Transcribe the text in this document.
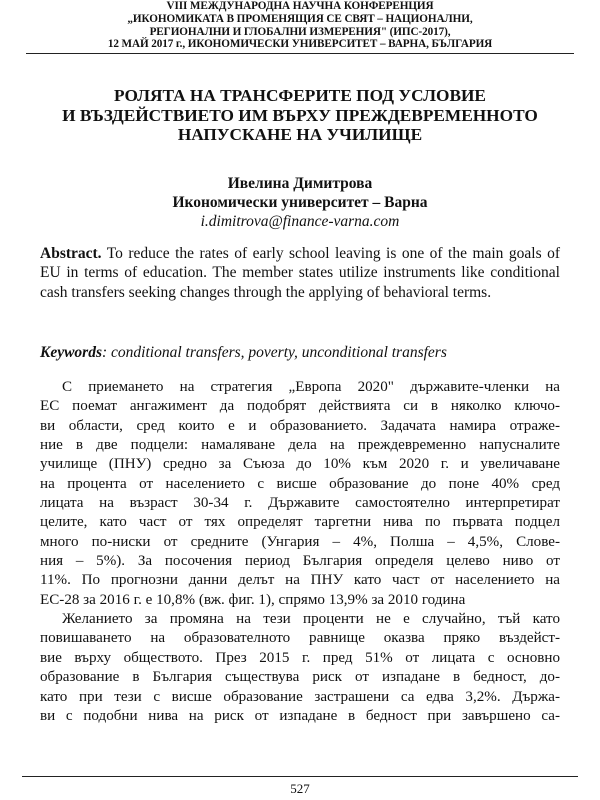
VIII МЕЖДУНАРОДНА НАУЧНА КОНФЕРЕНЦИЯ
„ИКОНОМИКАТА В ПРОМЕНЯЩИЯ СЕ СВЯТ – НАЦИОНАЛНИ,
РЕГИОНАЛНИ И ГЛОБАЛНИ ИЗМЕРЕНИЯ" (ИПС-2017),
12 МАЙ 2017 г., ИКОНОМИЧЕСКИ УНИВЕРСИТЕТ – ВАРНА, БЪЛГАРИЯ
РОЛЯТА НА ТРАНСФЕРИТЕ ПОД УСЛОВИЕ
И ВЪЗДЕЙСТВИЕТО ИМ ВЪРХУ ПРЕЖДЕВРЕМЕННОТО
НАПУСКАНЕ НА УЧИЛИЩЕ
Ивелина Димитрова
Икономически университет – Варна
i.dimitrova@finance-varna.com
Abstract. To reduce the rates of early school leaving is one of the main goals of EU in terms of education. The member states utilize instruments like conditional cash transfers seeking changes through the applying of behavioral terms.
Keywords: conditional transfers, poverty, unconditional transfers
С приемането на стратегия „Европа 2020" държавите-членки на
ЕС поемат ангажимент да подобрят действията си в няколко ключо-
ви области, сред които е и образованието. Задачата намира отраже-
ние в две подцели: намаляване дела на преждевременно напусналите
училище (ПНУ) средно за Съюза до 10% към 2020 г. и увеличаване
на процента от населението с висше образование до поне 40% сред
лицата на възраст 30-34 г. Държавите самостоятелно интерпретират
целите, като част от тях определят таргетни нива по първата подцел
много по-ниски от средните (Унгария – 4%, Полша – 4,5%, Слове-
ния – 5%). За посочения период България определя целево ниво от
11%. По прогнозни данни делът на ПНУ като част от населението на
ЕС-28 за 2016 г. е 10,8% (вж. фиг. 1), спрямо 13,9% за 2010 година
Желанието за промяна на тези проценти не е случайно, тъй като
повишаването на образователното равнище оказва пряко въздейст-
вие върху обществото. През 2015 г. пред 51% от лицата с основно
образование в България съществува риск от изпадане в бедност, до-
като при тези с висше образование застрашени са едва 3,2%. Държа-
ви с подобни нива на риск от изпадане в бедност при завършено са-
527
